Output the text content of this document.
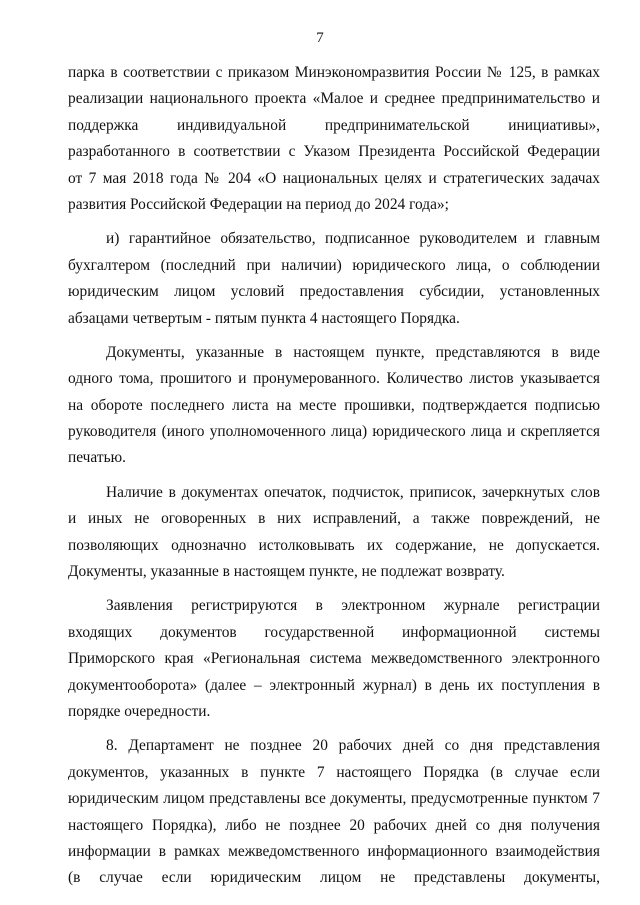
7
парка в соответствии с приказом Минэкономразвития России № 125, в рамках
реализации национального проекта «Малое и среднее предпринимательство и
поддержка индивидуальной предпринимательской инициативы»,
разработанного в соответствии с Указом Президента Российской Федерации
от 7 мая 2018 года № 204 «О национальных целях и стратегических задачах
развития Российской Федерации на период до 2024 года»;
и) гарантийное обязательство, подписанное руководителем и главным
бухгалтером (последний при наличии) юридического лица, о соблюдении
юридическим лицом условий предоставления субсидии, установленных
абзацами четвертым - пятым пункта 4 настоящего Порядка.
Документы, указанные в настоящем пункте, представляются в виде
одного тома, прошитого и пронумерованного. Количество листов указывается
на обороте последнего листа на месте прошивки, подтверждается подписью
руководителя (иного уполномоченного лица) юридического лица и скрепляется
печатью.
Наличие в документах опечаток, подчисток, приписок, зачеркнутых слов
и иных не оговоренных в них исправлений, а также повреждений, не
позволяющих однозначно истолковывать их содержание, не допускается.
Документы, указанные в настоящем пункте, не подлежат возврату.
Заявления регистрируются в электронном журнале регистрации
входящих документов государственной информационной системы
Приморского края «Региональная система межведомственного электронного
документооборота» (далее – электронный журнал) в день их поступления в
порядке очередности.
8. Департамент не позднее 20 рабочих дней со дня представления
документов, указанных в пункте 7 настоящего Порядка (в случае если
юридическим лицом представлены все документы, предусмотренные пунктом 7
настоящего Порядка), либо не позднее 20 рабочих дней со дня получения
информации в рамках межведомственного информационного взаимодействия
(в случае если юридическим лицом не представлены документы,
